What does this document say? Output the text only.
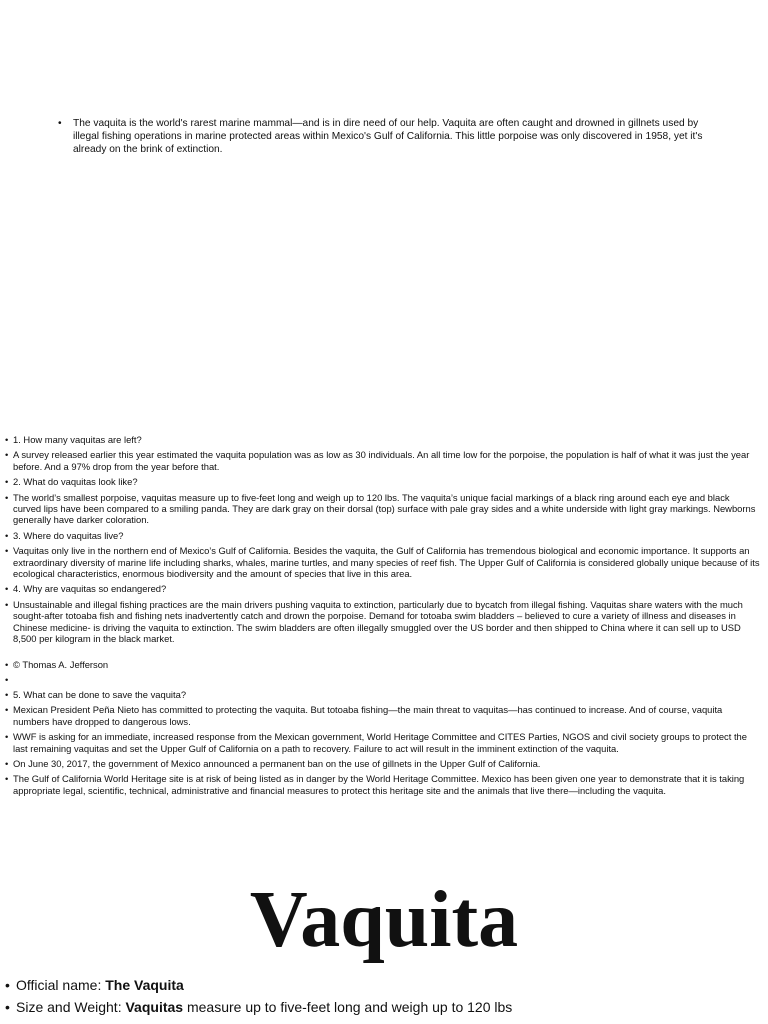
•	The vaquita is the world's rarest marine mammal—and is in dire need of our help. Vaquita are often caught and drowned in gillnets used by illegal fishing operations in marine protected areas within Mexico's Gulf of California. This little porpoise was only discovered in 1958, yet it's already on the brink of extinction.
• 1. How many vaquitas are left?
• A survey released earlier this year estimated the vaquita population was as low as 30 individuals. An all time low for the porpoise, the population is half of what it was just the year before. And a 97% drop from the year before that.
• 2. What do vaquitas look like?
• The world’s smallest porpoise, vaquitas measure up to five-feet long and weigh up to 120 lbs. The vaquita’s unique facial markings of a black ring around each eye and black curved lips have been compared to a smiling panda. They are dark gray on their dorsal (top) surface with pale gray sides and a white underside with light gray markings. Newborns generally have darker coloration.
• 3. Where do vaquitas live?
• Vaquitas only live in the northern end of Mexico’s Gulf of California. Besides the vaquita, the Gulf of California has tremendous biological and economic importance. It supports an extraordinary diversity of marine life including sharks, whales, marine turtles, and many species of reef fish. The Upper Gulf of California is considered globally unique because of its ecological characteristics, enormous biodiversity and the amount of species that live in this area.
• 4. Why are vaquitas so endangered?
• Unsustainable and illegal fishing practices are the main drivers pushing vaquita to extinction, particularly due to bycatch from illegal fishing. Vaquitas share waters with the much sought-after totoaba fish and fishing nets inadvertently catch and drown the porpoise. Demand for totoaba swim bladders – believed to cure a variety of illness and diseases in Chinese medicine- is driving the vaquita to extinction. The swim bladders are often illegally smuggled over the US border and then shipped to China where it can sell up to USD 8,500 per kilogram in the black market.
• © Thomas A. Jefferson
•
• 5. What can be done to save the vaquita?
• Mexican President Peña Nieto has committed to protecting the vaquita. But totoaba fishing—the main threat to vaquitas—has continued to increase. And of course, vaquita numbers have dropped to dangerous lows.
• WWF is asking for an immediate, increased response from the Mexican government, World Heritage Committee and CITES Parties, NGOS and civil society groups to protect the last remaining vaquitas and set the Upper Gulf of California on a path to recovery. Failure to act will result in the imminent extinction of the vaquita.
• On June 30, 2017, the government of Mexico announced a permanent ban on the use of gillnets in the Upper Gulf of California.
• The Gulf of California World Heritage site is at risk of being listed as in danger by the World Heritage Committee. Mexico has been given one year to demonstrate that it is taking appropriate legal, scientific, technical, administrative and financial measures to protect this heritage site and the animals that live there—including the vaquita.
Vaquita
• Official name: The Vaquita
• Size and Weight: Vaquitas measure up to five-feet long and weigh up to 120 lbs
